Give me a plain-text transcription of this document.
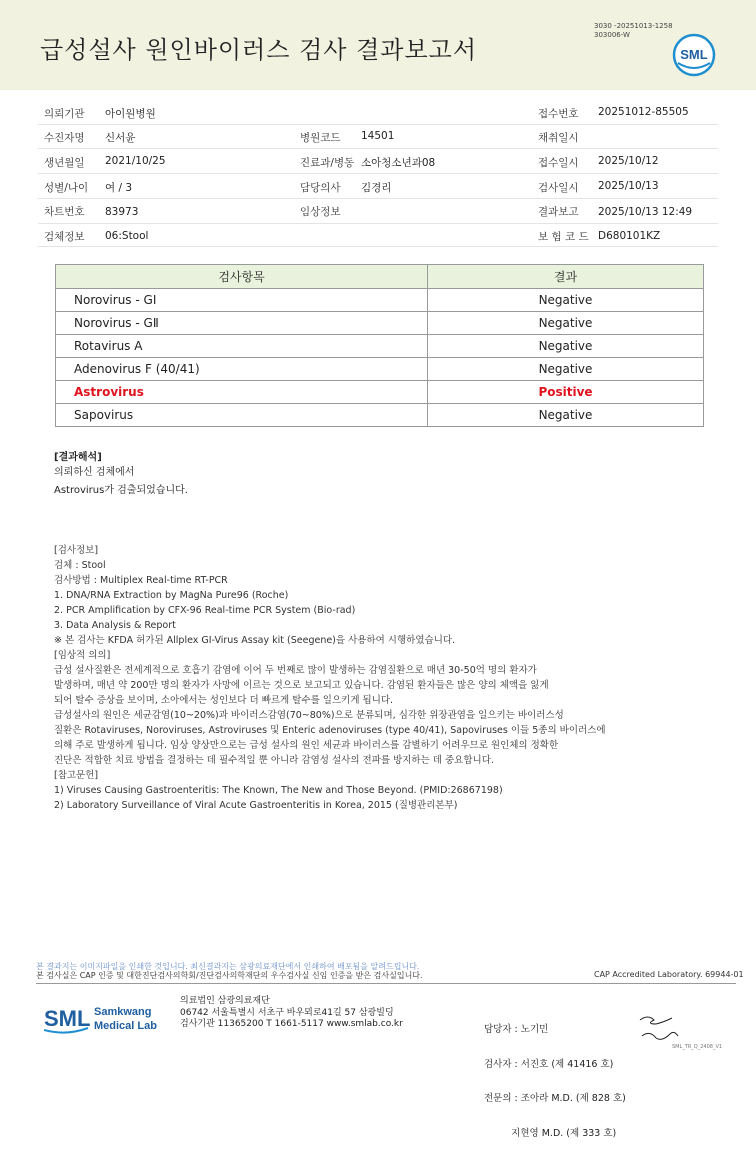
급성설사 원인바이러스 검사 결과보고서
3030 -20251013-1258
303006-W
SML
의뢰기관 아이원병원	접수번호 20251012-85505
수진자명 신서윤	병원코드 14501	채취일시
생년월일 2021/10/25	진료과/병동 소아청소년과08	접수일시 2025/10/12
성별/나이 여 / 3	담당의사 김경리	검사일시 2025/10/13
차트번호 83973	임상정보	결과보고 2025/10/13 12:49
검체정보 06:Stool	보 험 코 드 D680101KZ
검사항목	결과
Norovirus - GⅠ	Negative
Norovirus - GⅡ	Negative
Rotavirus A	Negative
Adenovirus F (40/41)	Negative
Astrovirus	Positive
Sapovirus	Negative
[결과해석]
의뢰하신 검체에서
Astrovirus가 검출되었습니다.
[검사정보]
검체 : Stool
검사방법 : Multiplex Real-time RT-PCR
1. DNA/RNA Extraction by MagNa Pure96 (Roche)
2. PCR Amplification by CFX-96 Real-time PCR System (Bio-rad)
3. Data Analysis & Report
※ 본 검사는 KFDA 허가된 Allplex GI-Virus Assay kit (Seegene)을 사용하여 시행하였습니다.
[임상적 의의]
급성 설사질환은 전세계적으로 호흡기 감염에 이어 두 번째로 많이 발생하는 감염질환으로 매년 30-50억 명의 환자가
발생하며, 매년 약 200만 명의 환자가 사망에 이르는 것으로 보고되고 있습니다. 감염된 환자들은 많은 양의 체액을 잃게
되어 탈수 증상을 보이며, 소아에서는 성인보다 더 빠르게 탈수를 일으키게 됩니다.
급성설사의 원인은 세균감염(10~20%)과 바이러스감염(70~80%)으로 분류되며, 심각한 위장관염을 일으키는 바이러스성
질환은 Rotaviruses, Noroviruses, Astroviruses 및 Enteric adenoviruses (type 40/41), Sapoviruses 이들 5종의 바이러스에
의해 주로 발생하게 됩니다. 임상 양상만으로는 급성 설사의 원인 세균과 바이러스를 감별하기 어려우므로 원인체의 정확한
진단은 적합한 치료 방법을 결정하는 데 필수적일 뿐 아니라 감염성 설사의 전파를 방지하는 데 중요합니다.
[참고문헌]
1) Viruses Causing Gastroenteritis: The Known, The New and Those Beyond. (PMID:26867198)
2) Laboratory Surveillance of Viral Acute Gastroenteritis in Korea, 2015 (질병관리본부)
본 결과지는 이미지파일을 인쇄한 것입니다. 최신결과지는 삼광의료재단에서 인쇄하여 배포됨을 알려드립니다.
본 검사실은 CAP 인증 및 대한진단검사의학회/진단검사의학재단의 우수검사실 신임 인증을 받은 검사실입니다.	CAP Accredited Laboratory. 69944-01
SML Samkwang
Medical Lab
의료법인 삼광의료재단
06742 서울특별시 서초구 바우뫼로41길 57 삼광빌딩
검사기관 11365200 T 1661-5117 www.smlab.co.kr

	담당자 : 노기민

검사자 : 서진호 (제 41416 호)

전문의 : 조아라 M.D. (제 828 호)

지현영 M.D. (제 333 호)

SML_TR_Q_2408_V1
